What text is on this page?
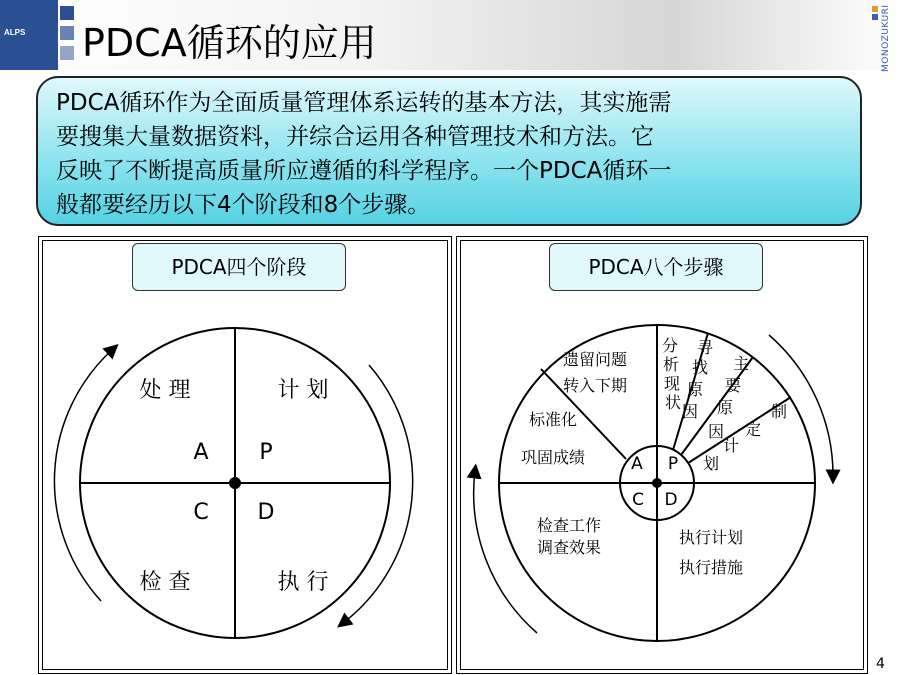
ALPS PDCA循环的应用	MONOZUKURI
PDCA循环作为全面质量管理体系运转的基本方法，其实施需
要搜集大量数据资料，并综合运用各种管理技术和方法。它
反映了不断提高质量所应遵循的科学程序。一个PDCA循环一
般都要经历以下4个阶段和8个步骤。
PDCA四个阶段
处 理	计 划
检 查	执 行
A P
C D
PDCA八个步骤
A P
C D
遗留问题
转入下期
标准化
巩固成绩
分
析
现
状
寻
找
原
因
主
要
原
因
制
定
计
划
检查工作
调查效果
执行计划
执行措施
4
